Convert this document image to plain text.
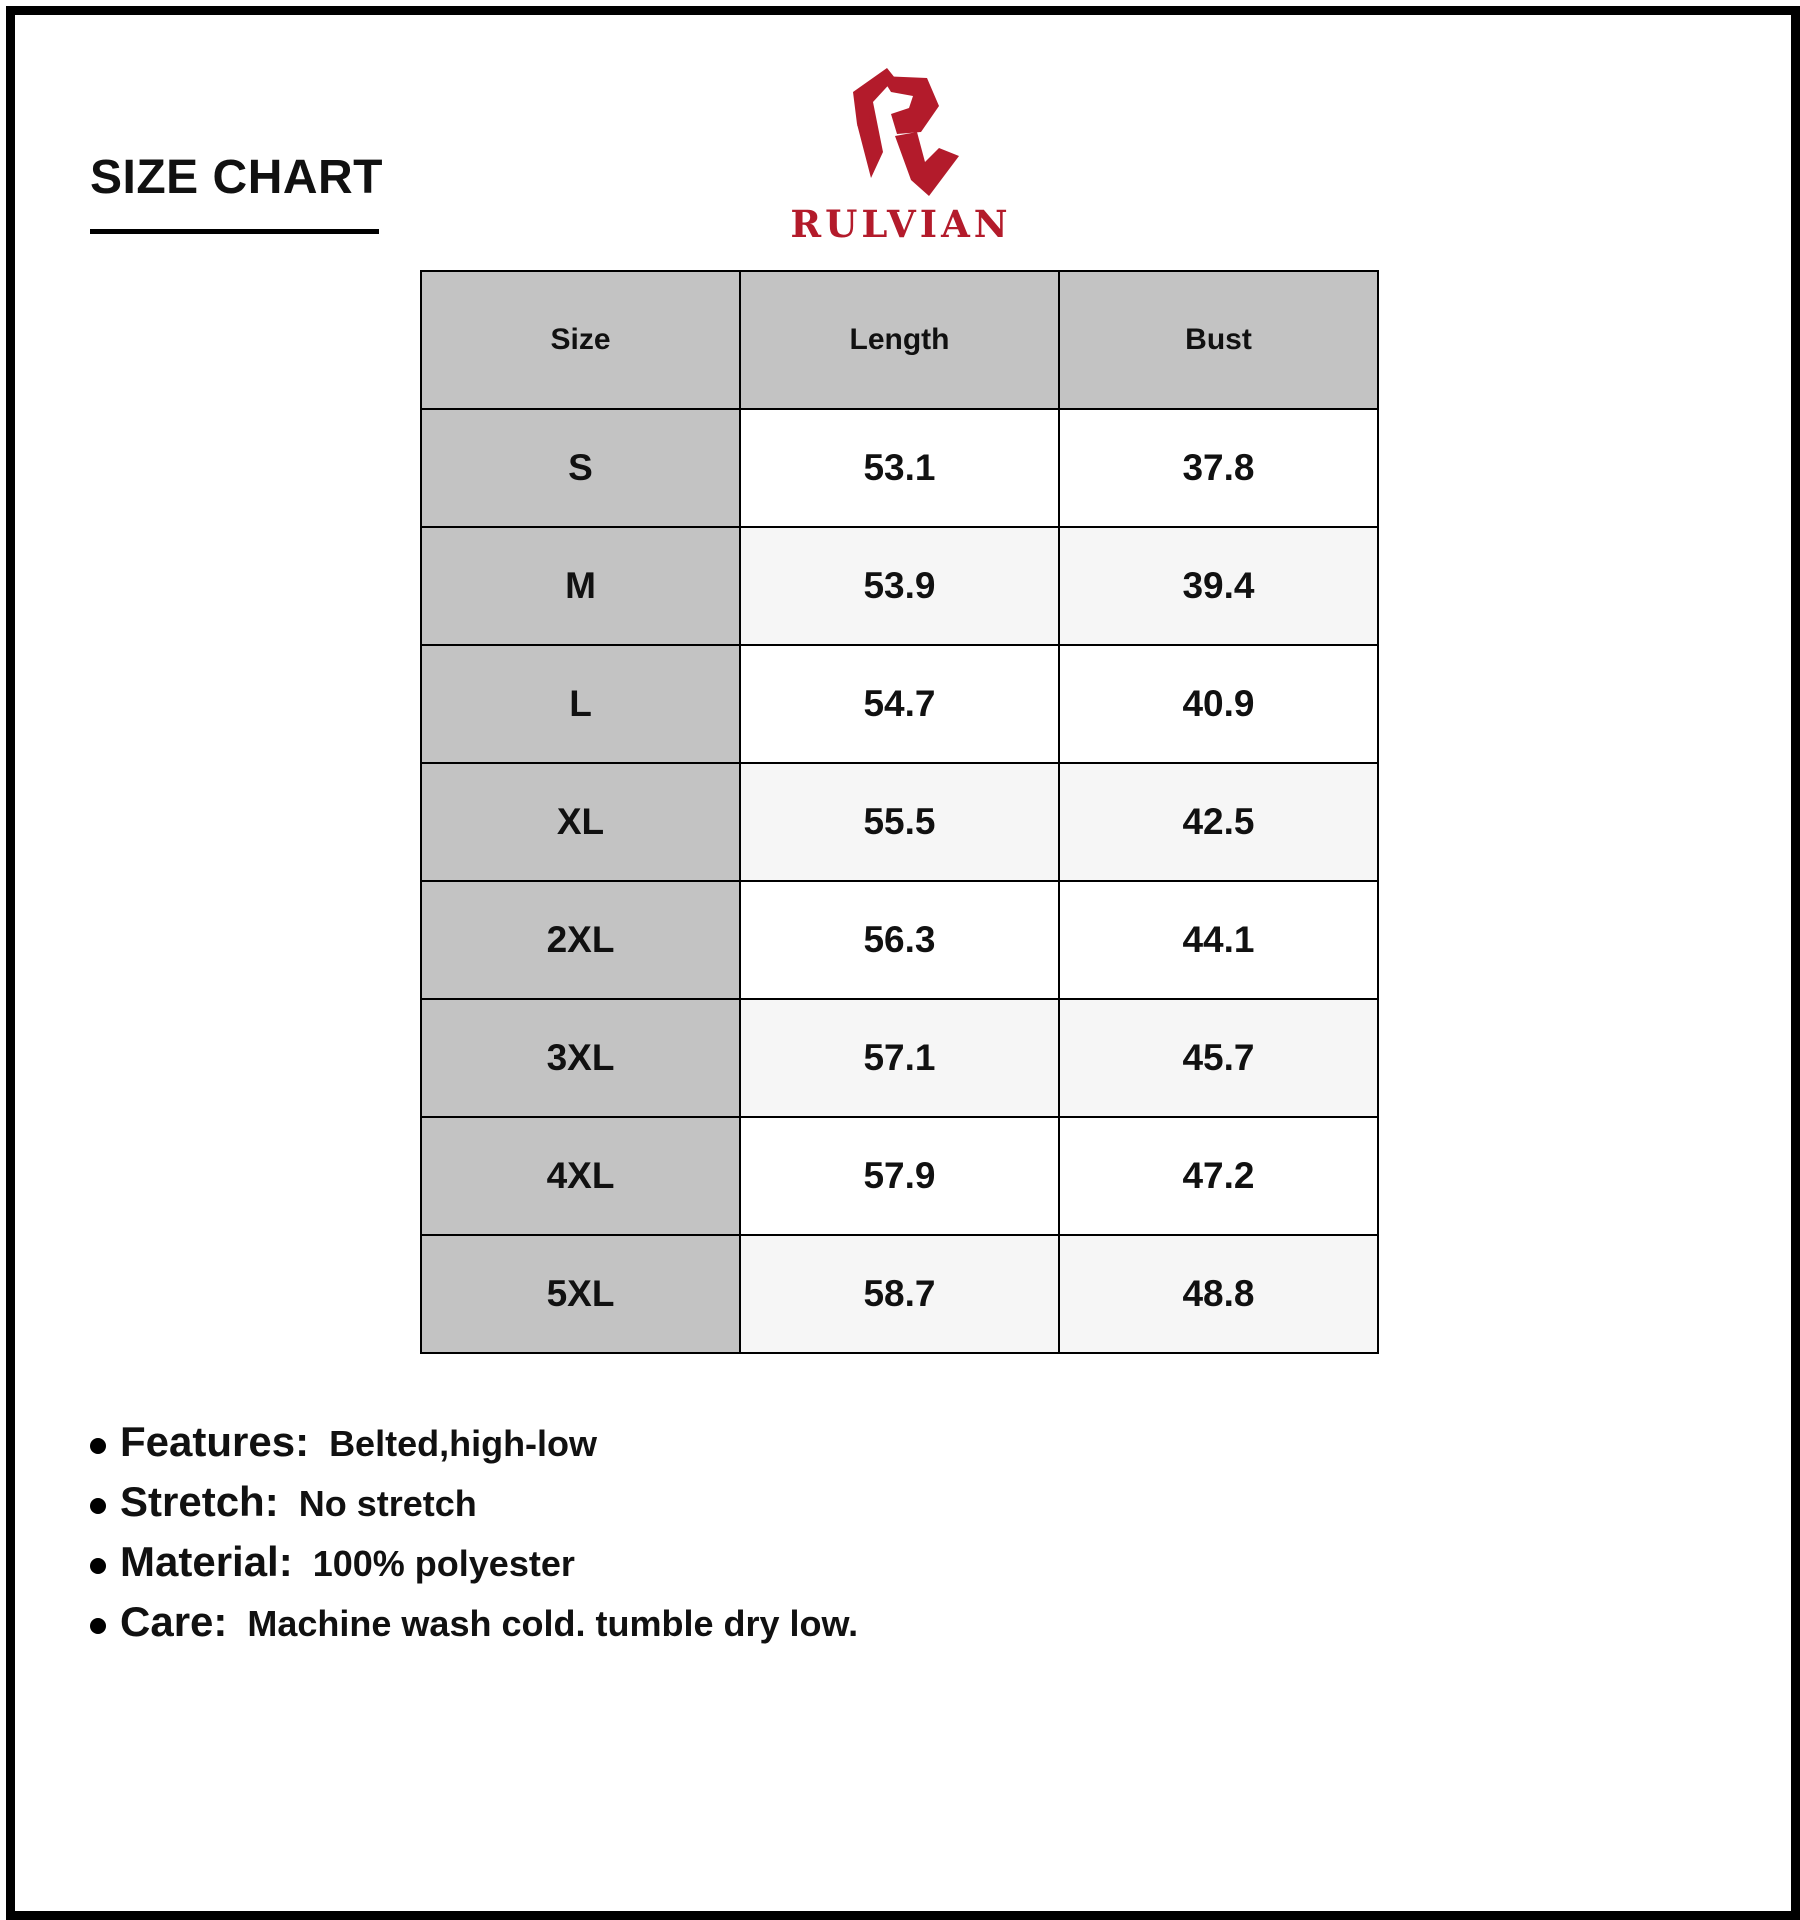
SIZE CHART
RULVIAN
Size	Length	Bust
S	53.1	37.8
M	53.9	39.4
L	54.7	40.9
XL	55.5	42.5
2XL	56.3	44.1
3XL	57.1	45.7
4XL	57.9	47.2
5XL	58.7	48.8
Features: Belted,high-low
Stretch: No stretch
Material: 100% polyester
Care: Machine wash cold. tumble dry low.
